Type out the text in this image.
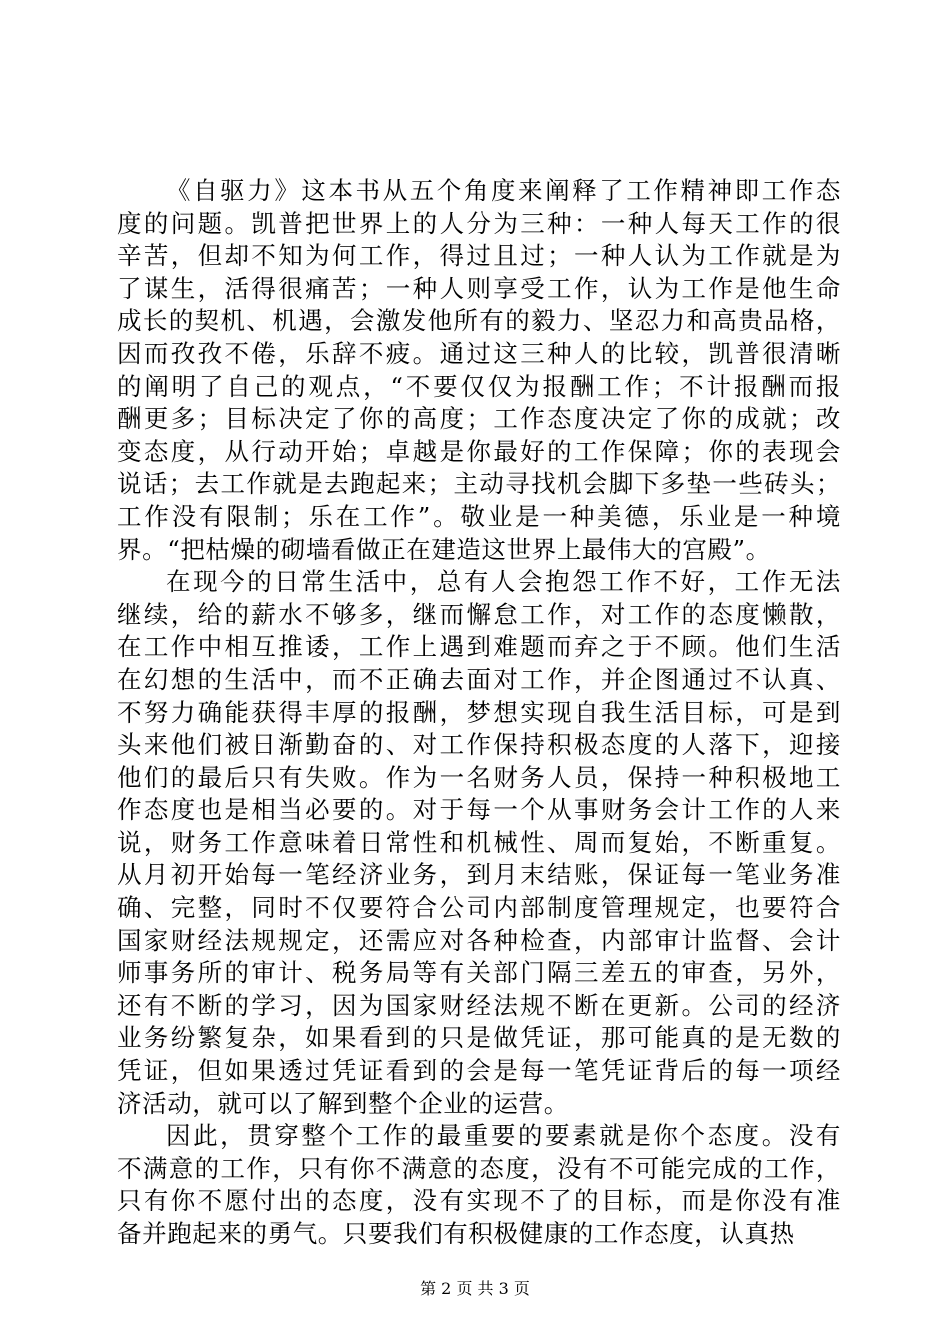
《自驱力》这本书从五个角度来阐释了工作精神即工作态
度的问题。凯普把世界上的人分为三种：一种人每天工作的很
辛苦，但却不知为何工作，得过且过；一种人认为工作就是为
了谋生，活得很痛苦；一种人则享受工作，认为工作是他生命
成长的契机、机遇，会激发他所有的毅力、坚忍力和高贵品格，
因而孜孜不倦，乐辞不疲。通过这三种人的比较，凯普很清晰
的阐明了自己的观点，“不要仅仅为报酬工作；不计报酬而报
酬更多；目标决定了你的高度；工作态度决定了你的成就；改
变态度，从行动开始；卓越是你最好的工作保障；你的表现会
说话；去工作就是去跑起来；主动寻找机会脚下多垫一些砖头；
工作没有限制；乐在工作”。敬业是一种美德，乐业是一种境
界。“把枯燥的砌墙看做正在建造这世界上最伟大的宫殿”。
在现今的日常生活中，总有人会抱怨工作不好，工作无法
继续，给的薪水不够多，继而懈怠工作，对工作的态度懒散，
在工作中相互推诿，工作上遇到难题而弃之于不顾。他们生活
在幻想的生活中，而不正确去面对工作，并企图通过不认真、
不努力确能获得丰厚的报酬，梦想实现自我生活目标，可是到
头来他们被日渐勤奋的、对工作保持积极态度的人落下，迎接
他们的最后只有失败。作为一名财务人员，保持一种积极地工
作态度也是相当必要的。对于每一个从事财务会计工作的人来
说，财务工作意味着日常性和机械性、周而复始，不断重复。
从月初开始每一笔经济业务，到月末结账，保证每一笔业务准
确、完整，同时不仅要符合公司内部制度管理规定，也要符合
国家财经法规规定，还需应对各种检查，内部审计监督、会计
师事务所的审计、税务局等有关部门隔三差五的审查，另外，
还有不断的学习，因为国家财经法规不断在更新。公司的经济
业务纷繁复杂，如果看到的只是做凭证，那可能真的是无数的
凭证，但如果透过凭证看到的会是每一笔凭证背后的每一项经
济活动，就可以了解到整个企业的运营。
因此，贯穿整个工作的最重要的要素就是你个态度。没有
不满意的工作，只有你不满意的态度，没有不可能完成的工作，
只有你不愿付出的态度，没有实现不了的目标，而是你没有准
备并跑起来的勇气。只要我们有积极健康的工作态度，认真热
第 2 页 共 3 页
